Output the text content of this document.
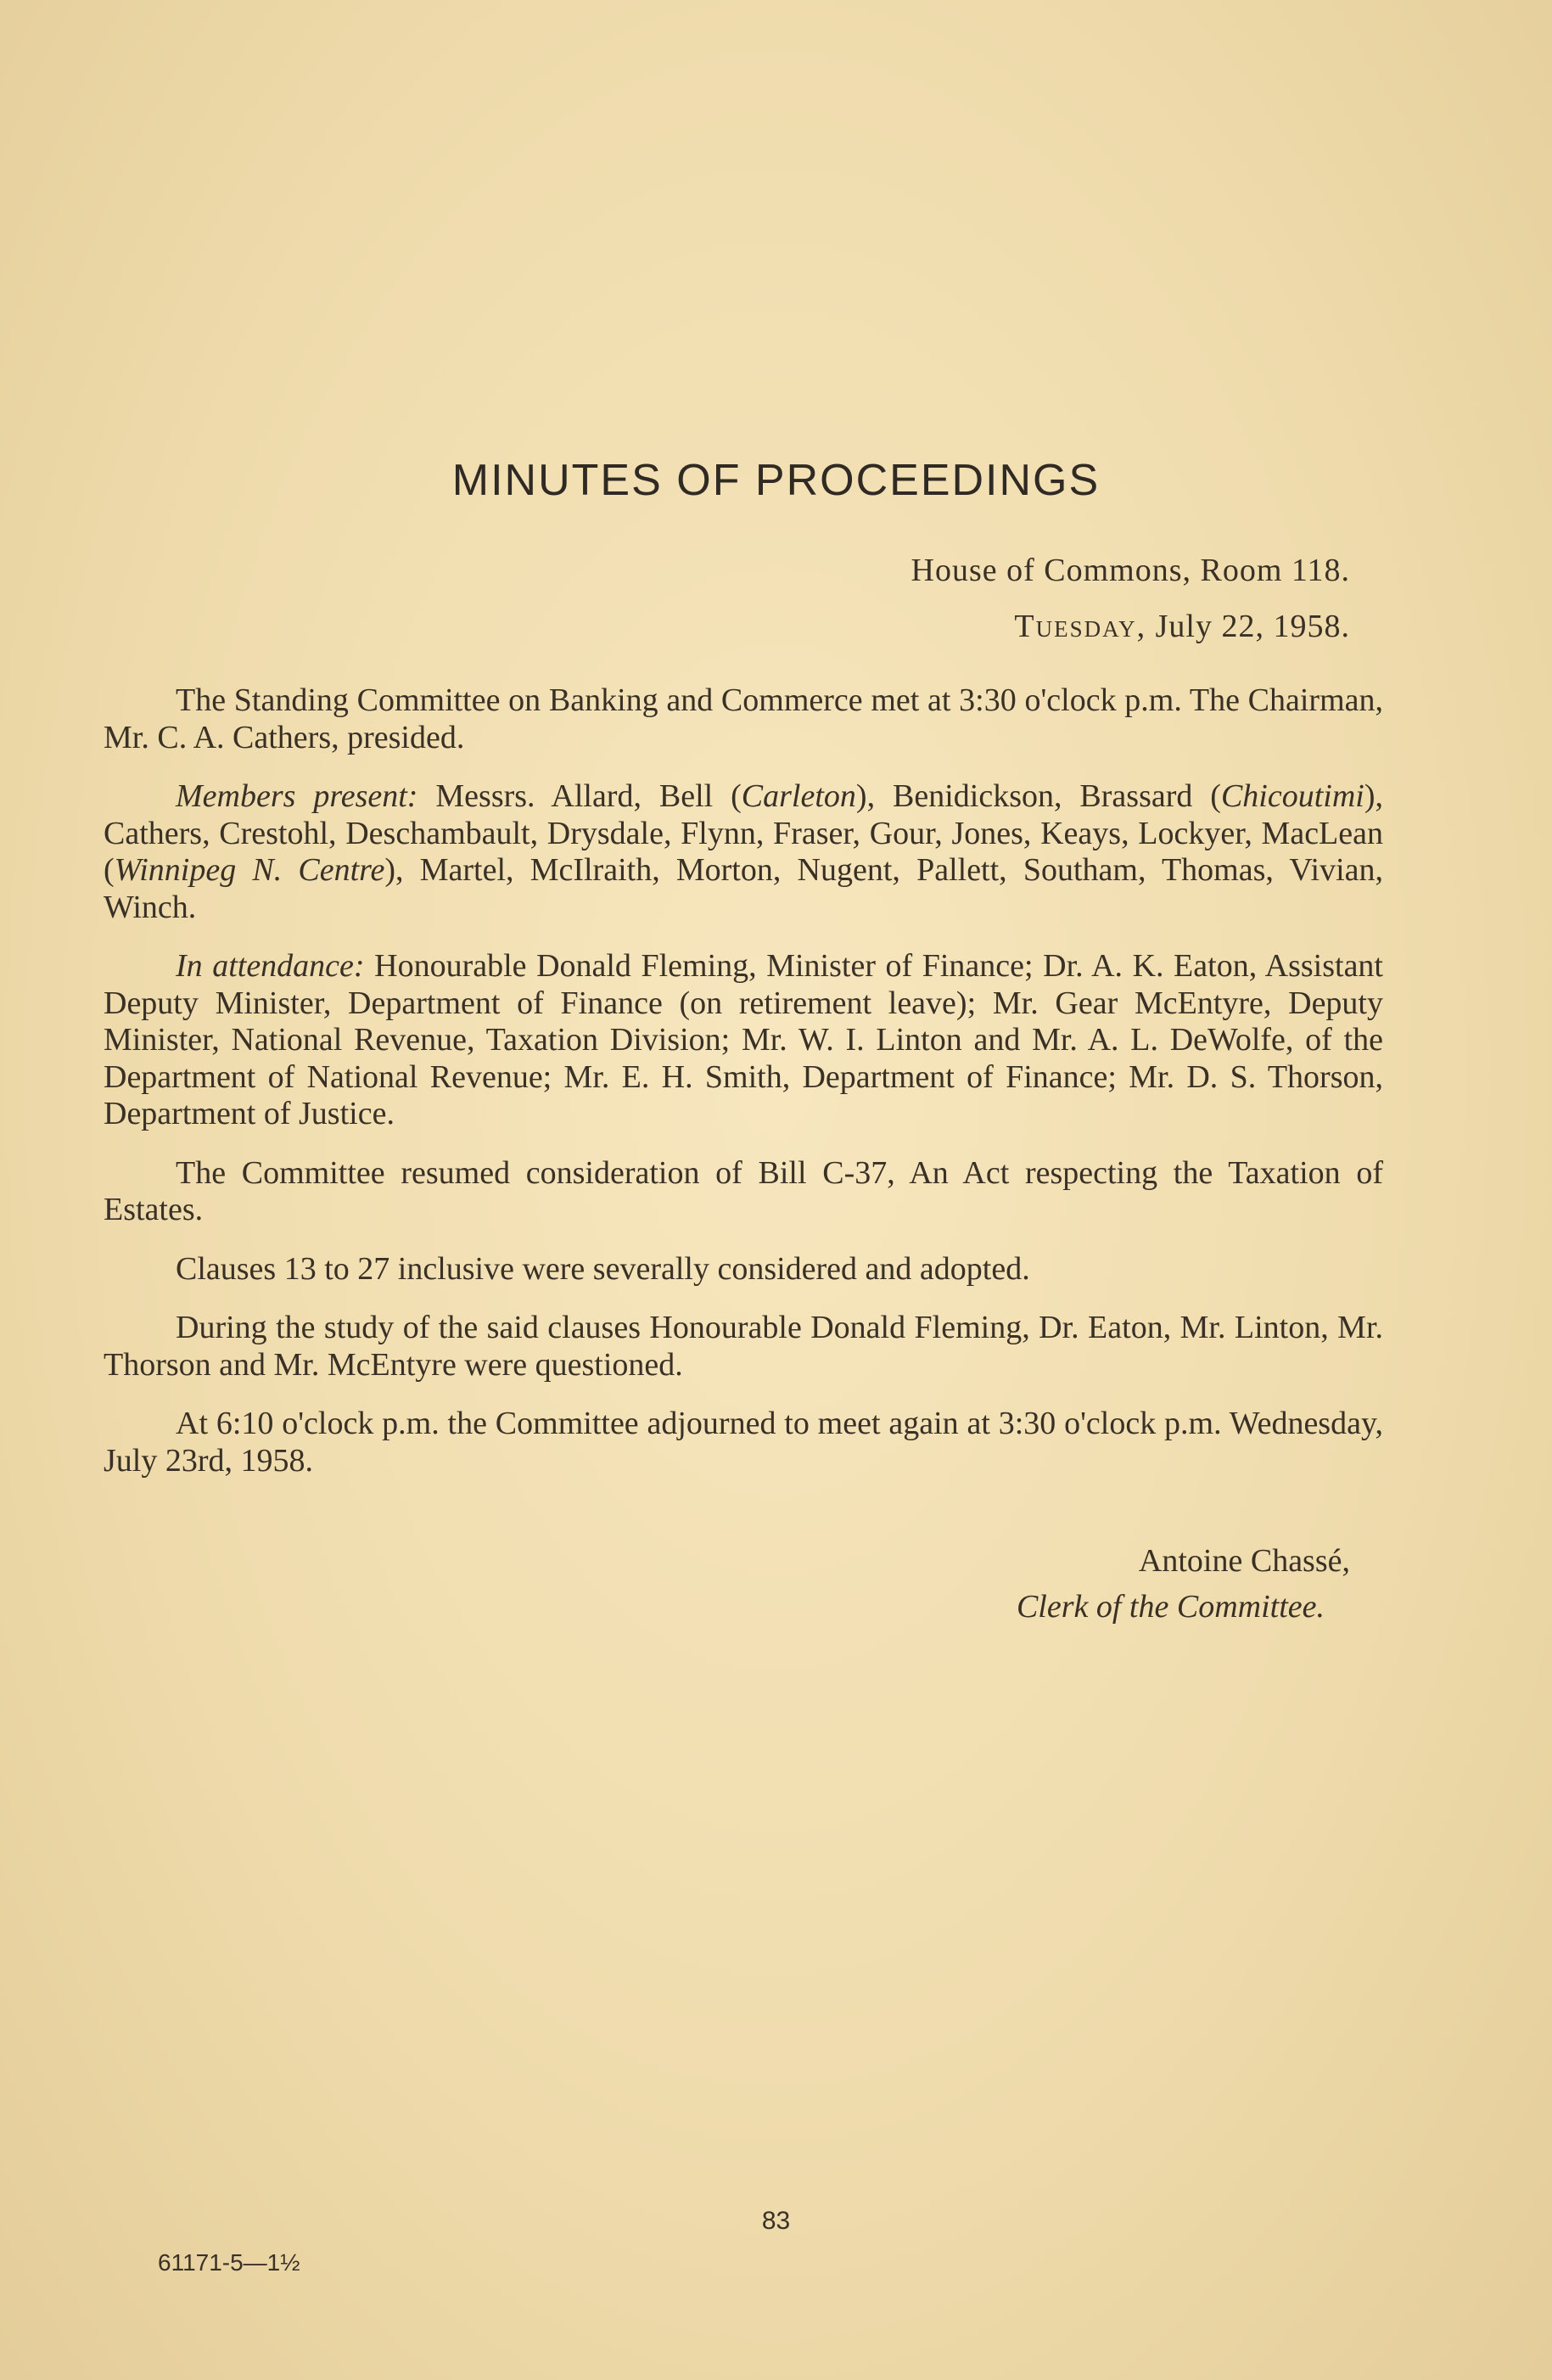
MINUTES OF PROCEEDINGS
House of Commons, Room 118.
Tuesday, July 22, 1958.

The Standing Committee on Banking and Commerce met at 3:30 o'clock p.m. The Chairman, Mr. C. A. Cathers, presided.

Members present: Messrs. Allard, Bell (Carleton), Benidickson, Brassard (Chicoutimi), Cathers, Crestohl, Deschambault, Drysdale, Flynn, Fraser, Gour, Jones, Keays, Lockyer, MacLean (Winnipeg N. Centre), Martel, McIlraith, Morton, Nugent, Pallett, Southam, Thomas, Vivian, Winch.

In attendance: Honourable Donald Fleming, Minister of Finance; Dr. A. K. Eaton, Assistant Deputy Minister, Department of Finance (on retirement leave); Mr. Gear McEntyre, Deputy Minister, National Revenue, Taxation Division; Mr. W. I. Linton and Mr. A. L. DeWolfe, of the Department of National Revenue; Mr. E. H. Smith, Department of Finance; Mr. D. S. Thorson, Department of Justice.

The Committee resumed consideration of Bill C-37, An Act respecting the Taxation of Estates.

Clauses 13 to 27 inclusive were severally considered and adopted.

During the study of the said clauses Honourable Donald Fleming, Dr. Eaton, Mr. Linton, Mr. Thorson and Mr. McEntyre were questioned.

At 6:10 o'clock p.m. the Committee adjourned to meet again at 3:30 o'clock p.m. Wednesday, July 23rd, 1958.

Antoine Chassé,
Clerk of the Committee.
83
61171-5—1½
